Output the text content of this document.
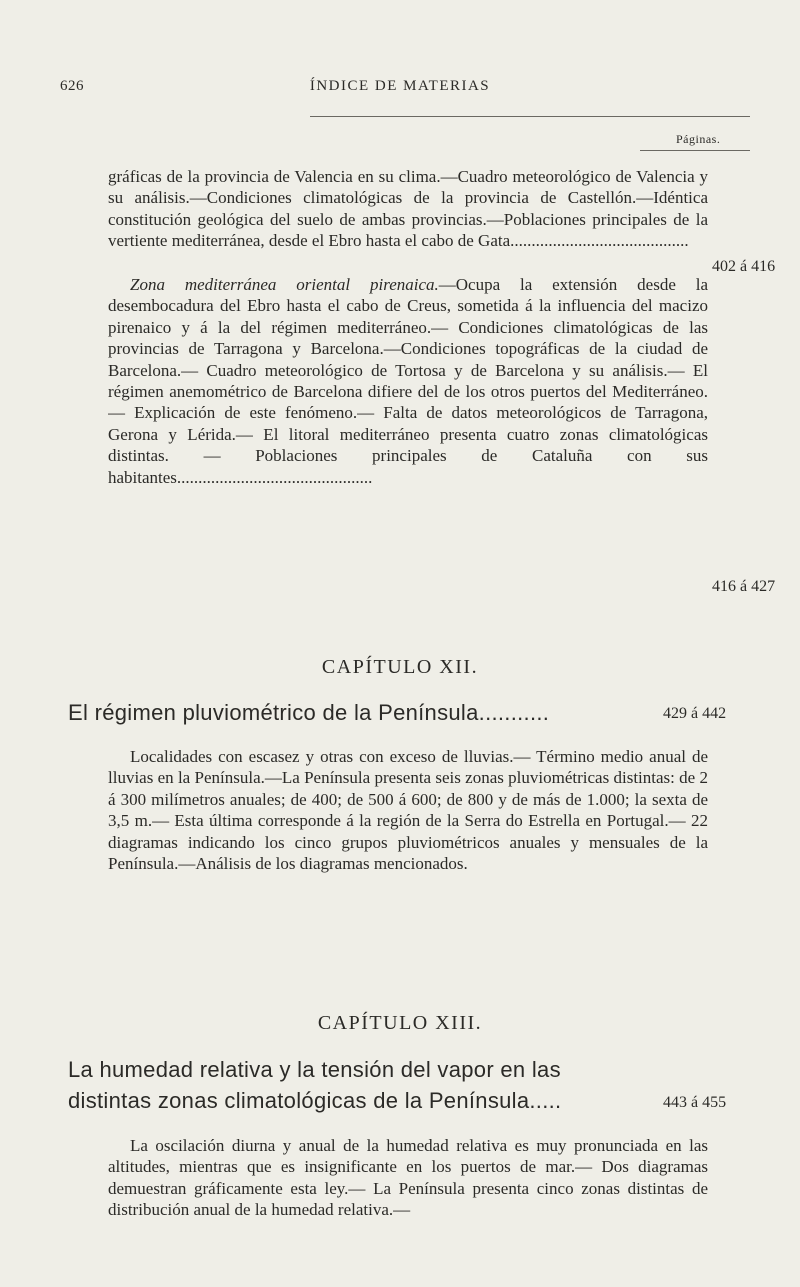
626	ÍNDICE DE MATERIAS
Páginas.

gráficas de la provincia de Valencia en su clima.—Cuadro meteorológico de Valencia y su análisis.—Condiciones climatológicas de la provincia de Castellón.—Idéntica constitución geológica del suelo de ambas provincias.—Poblaciones principales de la vertiente mediterránea, desde el Ebro hasta el cabo de Gata..........................................

402 á 416

Zona mediterránea oriental pirenaica.—Ocupa la extensión desde la desembocadura del Ebro hasta el cabo de Creus, sometida á la influencia del macizo pirenaico y á la del régimen mediterráneo.— Condiciones climatológicas de las provincias de Tarragona y Barcelona.—Condiciones topográficas de la ciudad de Barcelona.— Cuadro meteorológico de Tortosa y de Barcelona y su análisis.— El régimen anemométrico de Barcelona difiere del de los otros puertos del Mediterráneo.— Explicación de este fenómeno.— Falta de datos meteorológicos de Tarragona, Gerona y Lérida.— El litoral mediterráneo presenta cuatro zonas climatológicas distintas. — Poblaciones principales de Cataluña con sus habitantes..............................................

416 á 427
CAPÍTULO XII.
El régimen pluviométrico de la Península...........	429 á 442

Localidades con escasez y otras con exceso de lluvias.— Término medio anual de lluvias en la Península.—La Península presenta seis zonas pluviométricas distintas: de 2 á 300 milímetros anuales; de 400; de 500 á 600; de 800 y de más de 1.000; la sexta de 3,5 m.— Esta última corresponde á la región de la Serra do Estrella en Portugal.— 22 diagramas indicando los cinco grupos pluviométricos anuales y mensuales de la Península.—Análisis de los diagramas mencionados.

CAPÍTULO XIII.
La humedad relativa y la tensión del vapor en las
distintas zonas climatológicas de la Península.....	443 á 455

La oscilación diurna y anual de la humedad relativa es muy pronunciada en las altitudes, mientras que es insignificante en los puertos de mar.— Dos diagramas demuestran gráficamente esta ley.— La Península presenta cinco zonas distintas de distribución anual de la humedad relativa.—
